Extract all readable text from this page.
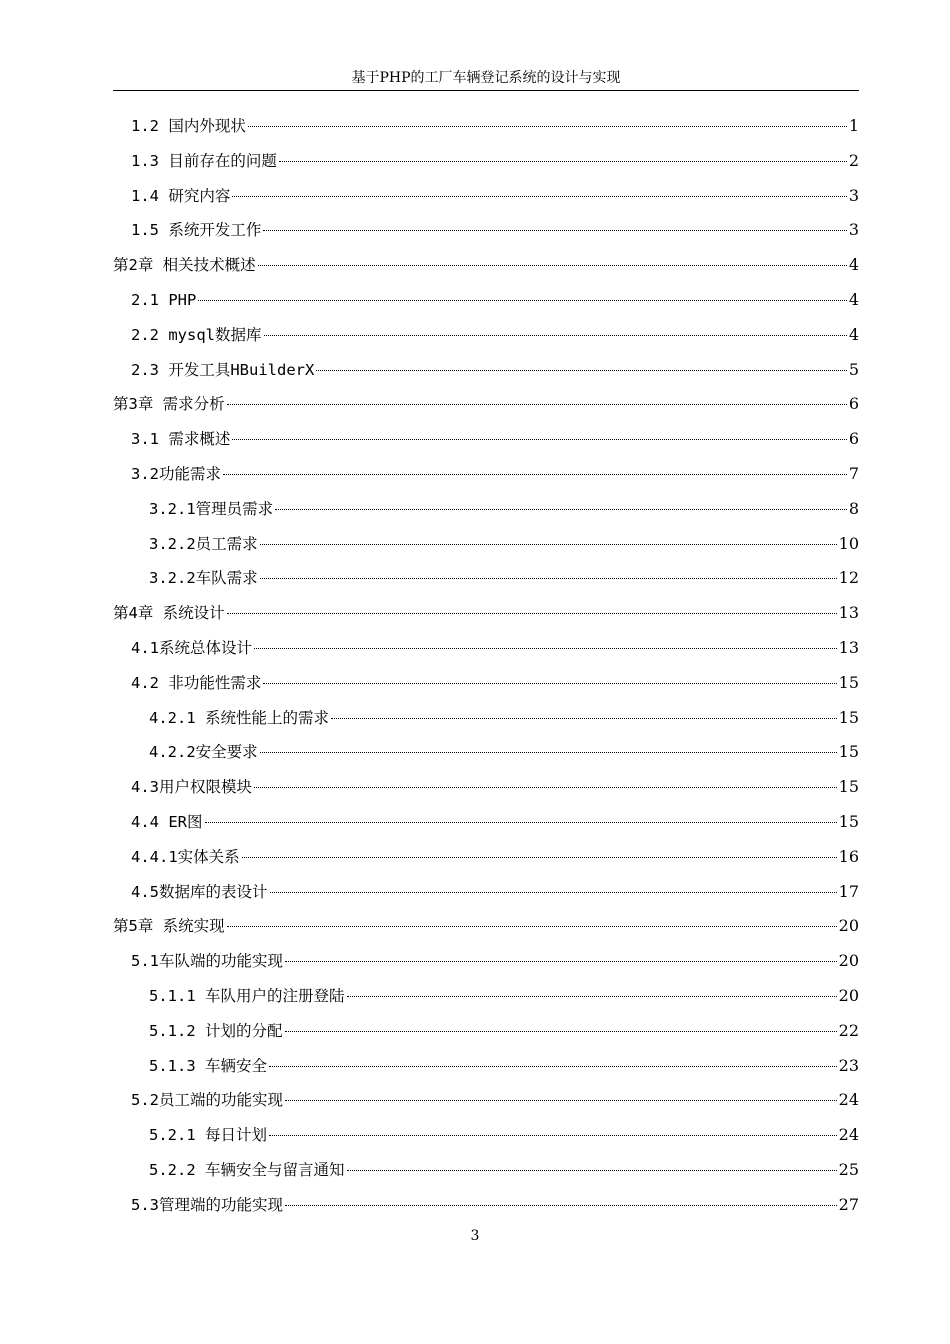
基于PHP的工厂车辆登记系统的设计与实现
1.2 国内外现状	1
1.3 目前存在的问题	2
1.4 研究内容	3
1.5 系统开发工作	3
第2章 相关技术概述	4
2.1 PHP	4
2.2 mysql数据库	4
2.3 开发工具HBuilderX	5
第3章 需求分析	6
3.1 需求概述	6
3.2功能需求	7
3.2.1管理员需求	8
3.2.2员工需求	10
3.2.2车队需求	12
第4章 系统设计	13
4.1系统总体设计	13
4.2 非功能性需求	15
4.2.1 系统性能上的需求	15
4.2.2安全要求	15
4.3用户权限模块	15
4.4 ER图	15
4.4.1实体关系	16
4.5数据库的表设计	17
第5章 系统实现	20
5.1车队端的功能实现	20
5.1.1 车队用户的注册登陆	20
5.1.2 计划的分配	22
5.1.3 车辆安全	23
5.2员工端的功能实现	24
5.2.1 每日计划	24
5.2.2 车辆安全与留言通知	25
5.3管理端的功能实现	27
3
